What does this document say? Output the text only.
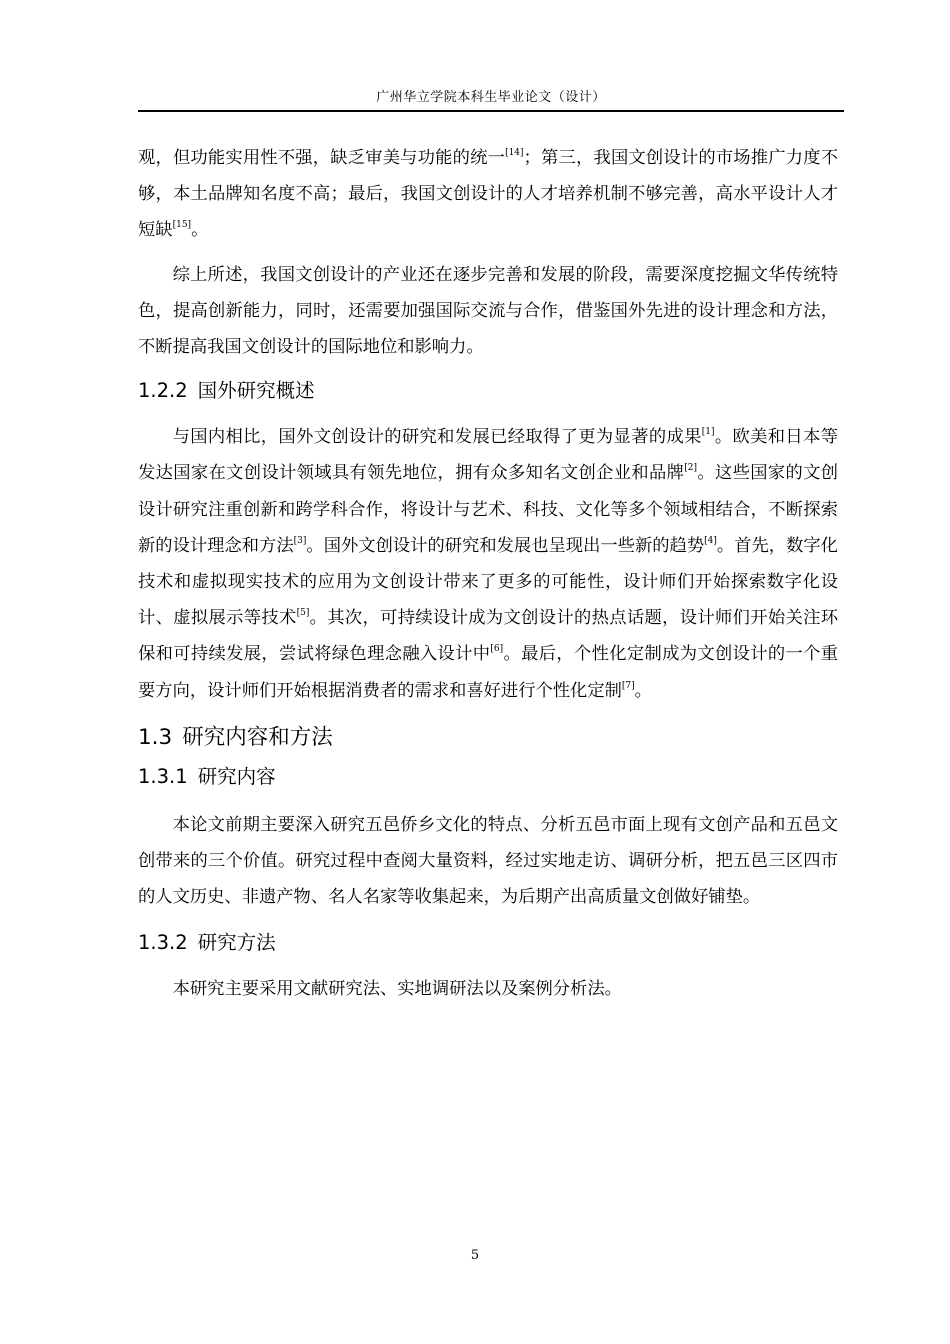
广州华立学院本科生毕业论文（设计）

观，但功能实用性不强，缺乏审美与功能的统一[14]；第三，我国文创设计的市场推广力度不够，本土品牌知名度不高；最后，我国文创设计的人才培养机制不够完善，高水平设计人才短缺[15]。

综上所述，我国文创设计的产业还在逐步完善和发展的阶段，需要深度挖掘文华传统特色，提高创新能力，同时，还需要加强国际交流与合作，借鉴国外先进的设计理念和方法，不断提高我国文创设计的国际地位和影响力。

1.2.2 国外研究概述

与国内相比，国外文创设计的研究和发展已经取得了更为显著的成果[1]。欧美和日本等发达国家在文创设计领域具有领先地位，拥有众多知名文创企业和品牌[2]。这些国家的文创设计研究注重创新和跨学科合作，将设计与艺术、科技、文化等多个领域相结合，不断探索新的设计理念和方法[3]。国外文创设计的研究和发展也呈现出一些新的趋势[4]。首先，数字化技术和虚拟现实技术的应用为文创设计带来了更多的可能性，设计师们开始探索数字化设计、虚拟展示等技术[5]。其次，可持续设计成为文创设计的热点话题，设计师们开始关注环保和可持续发展，尝试将绿色理念融入设计中[6]。最后，个性化定制成为文创设计的一个重要方向，设计师们开始根据消费者的需求和喜好进行个性化定制[7]。

1.3 研究内容和方法
1.3.1 研究内容

本论文前期主要深入研究五邑侨乡文化的特点、分析五邑市面上现有文创产品和五邑文创带来的三个价值。研究过程中查阅大量资料，经过实地走访、调研分析，把五邑三区四市的人文历史、非遗产物、名人名家等收集起来，为后期产出高质量文创做好铺垫。

1.3.2 研究方法

本研究主要采用文献研究法、实地调研法以及案例分析法。

5
